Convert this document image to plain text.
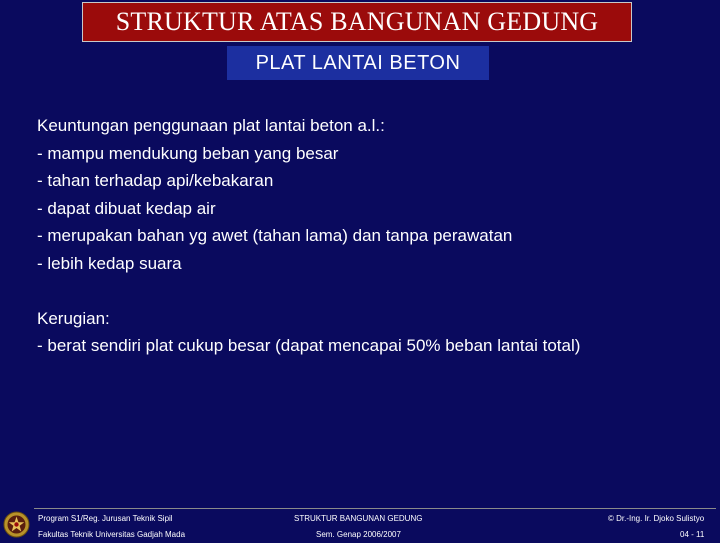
STRUKTUR ATAS BANGUNAN GEDUNG
PLAT LANTAI BETON
Keuntungan penggunaan plat lantai beton a.l.:
- mampu mendukung beban yang besar
- tahan terhadap api/kebakaran
- dapat dibuat kedap air
- merupakan bahan yg awet (tahan lama) dan tanpa perawatan
- lebih kedap suara
Kerugian:
- berat sendiri plat cukup besar (dapat mencapai 50% beban lantai total)
Program S1/Reg. Jurusan Teknik Sipil
Fakultas Teknik Universitas Gadjah Mada
STRUKTUR BANGUNAN GEDUNG
Sem. Genap 2006/2007
© Dr.-Ing. Ir. Djoko Sulistyo
04 - 11
